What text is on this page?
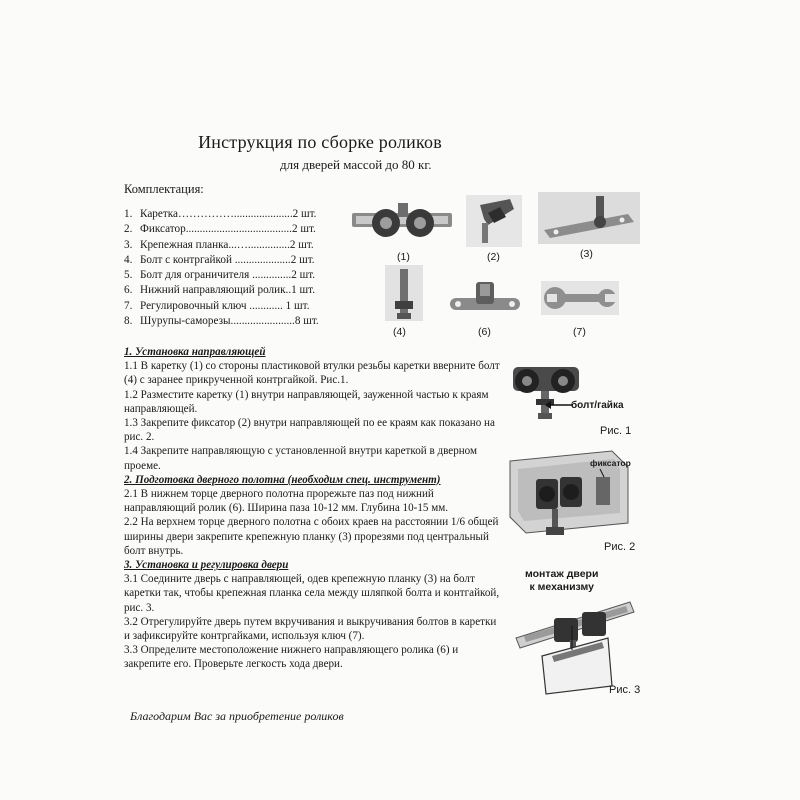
Инструкция по сборке роликов
для дверей массой до 80 кг.
Комплектация:
1. Каретка…………….....................2 шт.
2. Фиксатор......................................2 шт.
3. Крепежная планка...…...............2 шт.
4. Болт с контргайкой ....................2 шт.
5. Болт для ограничителя ..............2 шт.
6. Нижний направляющий ролик..1 шт.
7. Регулировочный ключ ............ 1 шт.
8. Шурупы-саморезы.......................8 шт.
(1)	(2)	(3)
(4)	(6)	(7)

1. Установка направляющей

1.1 В каретку (1) со стороны пластиковой втулки резьбы каретки вверните болт (4) с заранее прикрученной контргайкой. Рис.1.

1.2 Разместите каретку (1) внутри направляющей, зауженной частью к краям направляющей.

1.3 Закрепите фиксатор (2) внутри направляющей по ее краям как показано на рис. 2.

1.4 Закрепите направляющую с установленной внутри кареткой в дверном проеме.

2. Подготовка дверного полотна (необходим спец. инструмент)

2.1 В нижнем торце дверного полотна прорежьте паз под нижний направляющий ролик (6). Ширина паза 10-12 мм. Глубина 10-15 мм.

2.2 На верхнем торце дверного полотна с обоих краев на расстоянии 1/6 общей ширины двери закрепите крепежную планку (3) прорезями под центральный болт внутрь.

3. Установка и регулировка двери

3.1 Соедините дверь с направляющей, одев крепежную планку (3) на болт каретки так, чтобы крепежная планка села между шляпкой болта и контгайкой, рис. 3.

3.2 Отрегулируйте дверь путем вкручивания и выкручивания болтов в каретки и зафиксируйте контргайками, используя ключ (7).

3.3 Определите местоположение нижнего направляющего ролика (6) и закрепите его. Проверьте легкость хода двери.

болт/гайка
Рис. 1
фиксатор
Рис. 2
монтаж двери
к механизму
Рис. 3
Благодарим Вас за приобретение роликов
